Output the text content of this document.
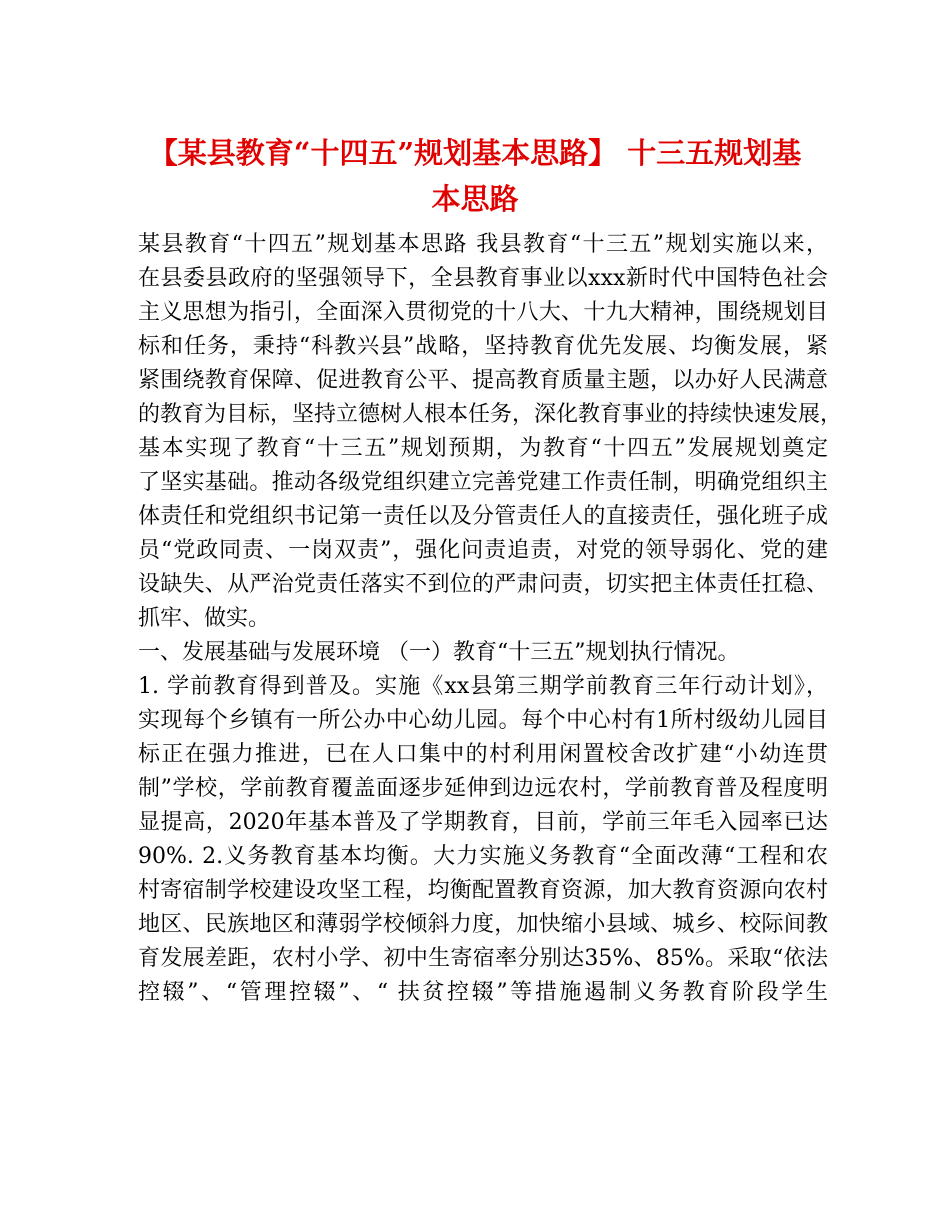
【某县教育“十四五”规划基本思路】 十三五规划基
本思路

某县教育“十四五”规划基本思路 我县教育“十三五”规划实施以来，

在县委县政府的坚强领导下，全县教育事业以xxx新时代中国特色社会

主义思想为指引，全面深入贯彻党的十八大、十九大精神，围绕规划目

标和任务，秉持“科教兴县”战略，坚持教育优先发展、均衡发展，紧

紧围绕教育保障、促进教育公平、提高教育质量主题，以办好人民满意

的教育为目标，坚持立德树人根本任务，深化教育事业的持续快速发展，

基本实现了教育“十三五”规划预期，为教育“十四五”发展规划奠定

了坚实基础。推动各级党组织建立完善党建工作责任制，明确党组织主

体责任和党组织书记第一责任以及分管责任人的直接责任，强化班子成

员“党政同责、一岗双责”，强化问责追责，对党的领导弱化、党的建

设缺失、从严治党责任落实不到位的严肃问责，切实把主体责任扛稳、

抓牢、做实。

一、发展基础与发展环境 （一）教育“十三五”规划执行情况。

1. 学前教育得到普及。实施《xx县第三期学前教育三年行动计划》，

实现每个乡镇有一所公办中心幼儿园。每个中心村有1所村级幼儿园目

标正在强力推进，已在人口集中的村利用闲置校舍改扩建“小幼连贯

制”学校，学前教育覆盖面逐步延伸到边远农村，学前教育普及程度明

显提高，2020年基本普及了学期教育，目前，学前三年毛入园率已达

90%. 2.义务教育基本均衡。大力实施义务教育“全面改薄“工程和农

村寄宿制学校建设攻坚工程，均衡配置教育资源，加大教育资源向农村

地区、民族地区和薄弱学校倾斜力度，加快缩小县域、城乡、校际间教

育发展差距，农村小学、初中生寄宿率分别达35%、85%。采取“依法

控辍”、“管理控辍”、“ 扶贫控辍”等措施遏制义务教育阶段学生
